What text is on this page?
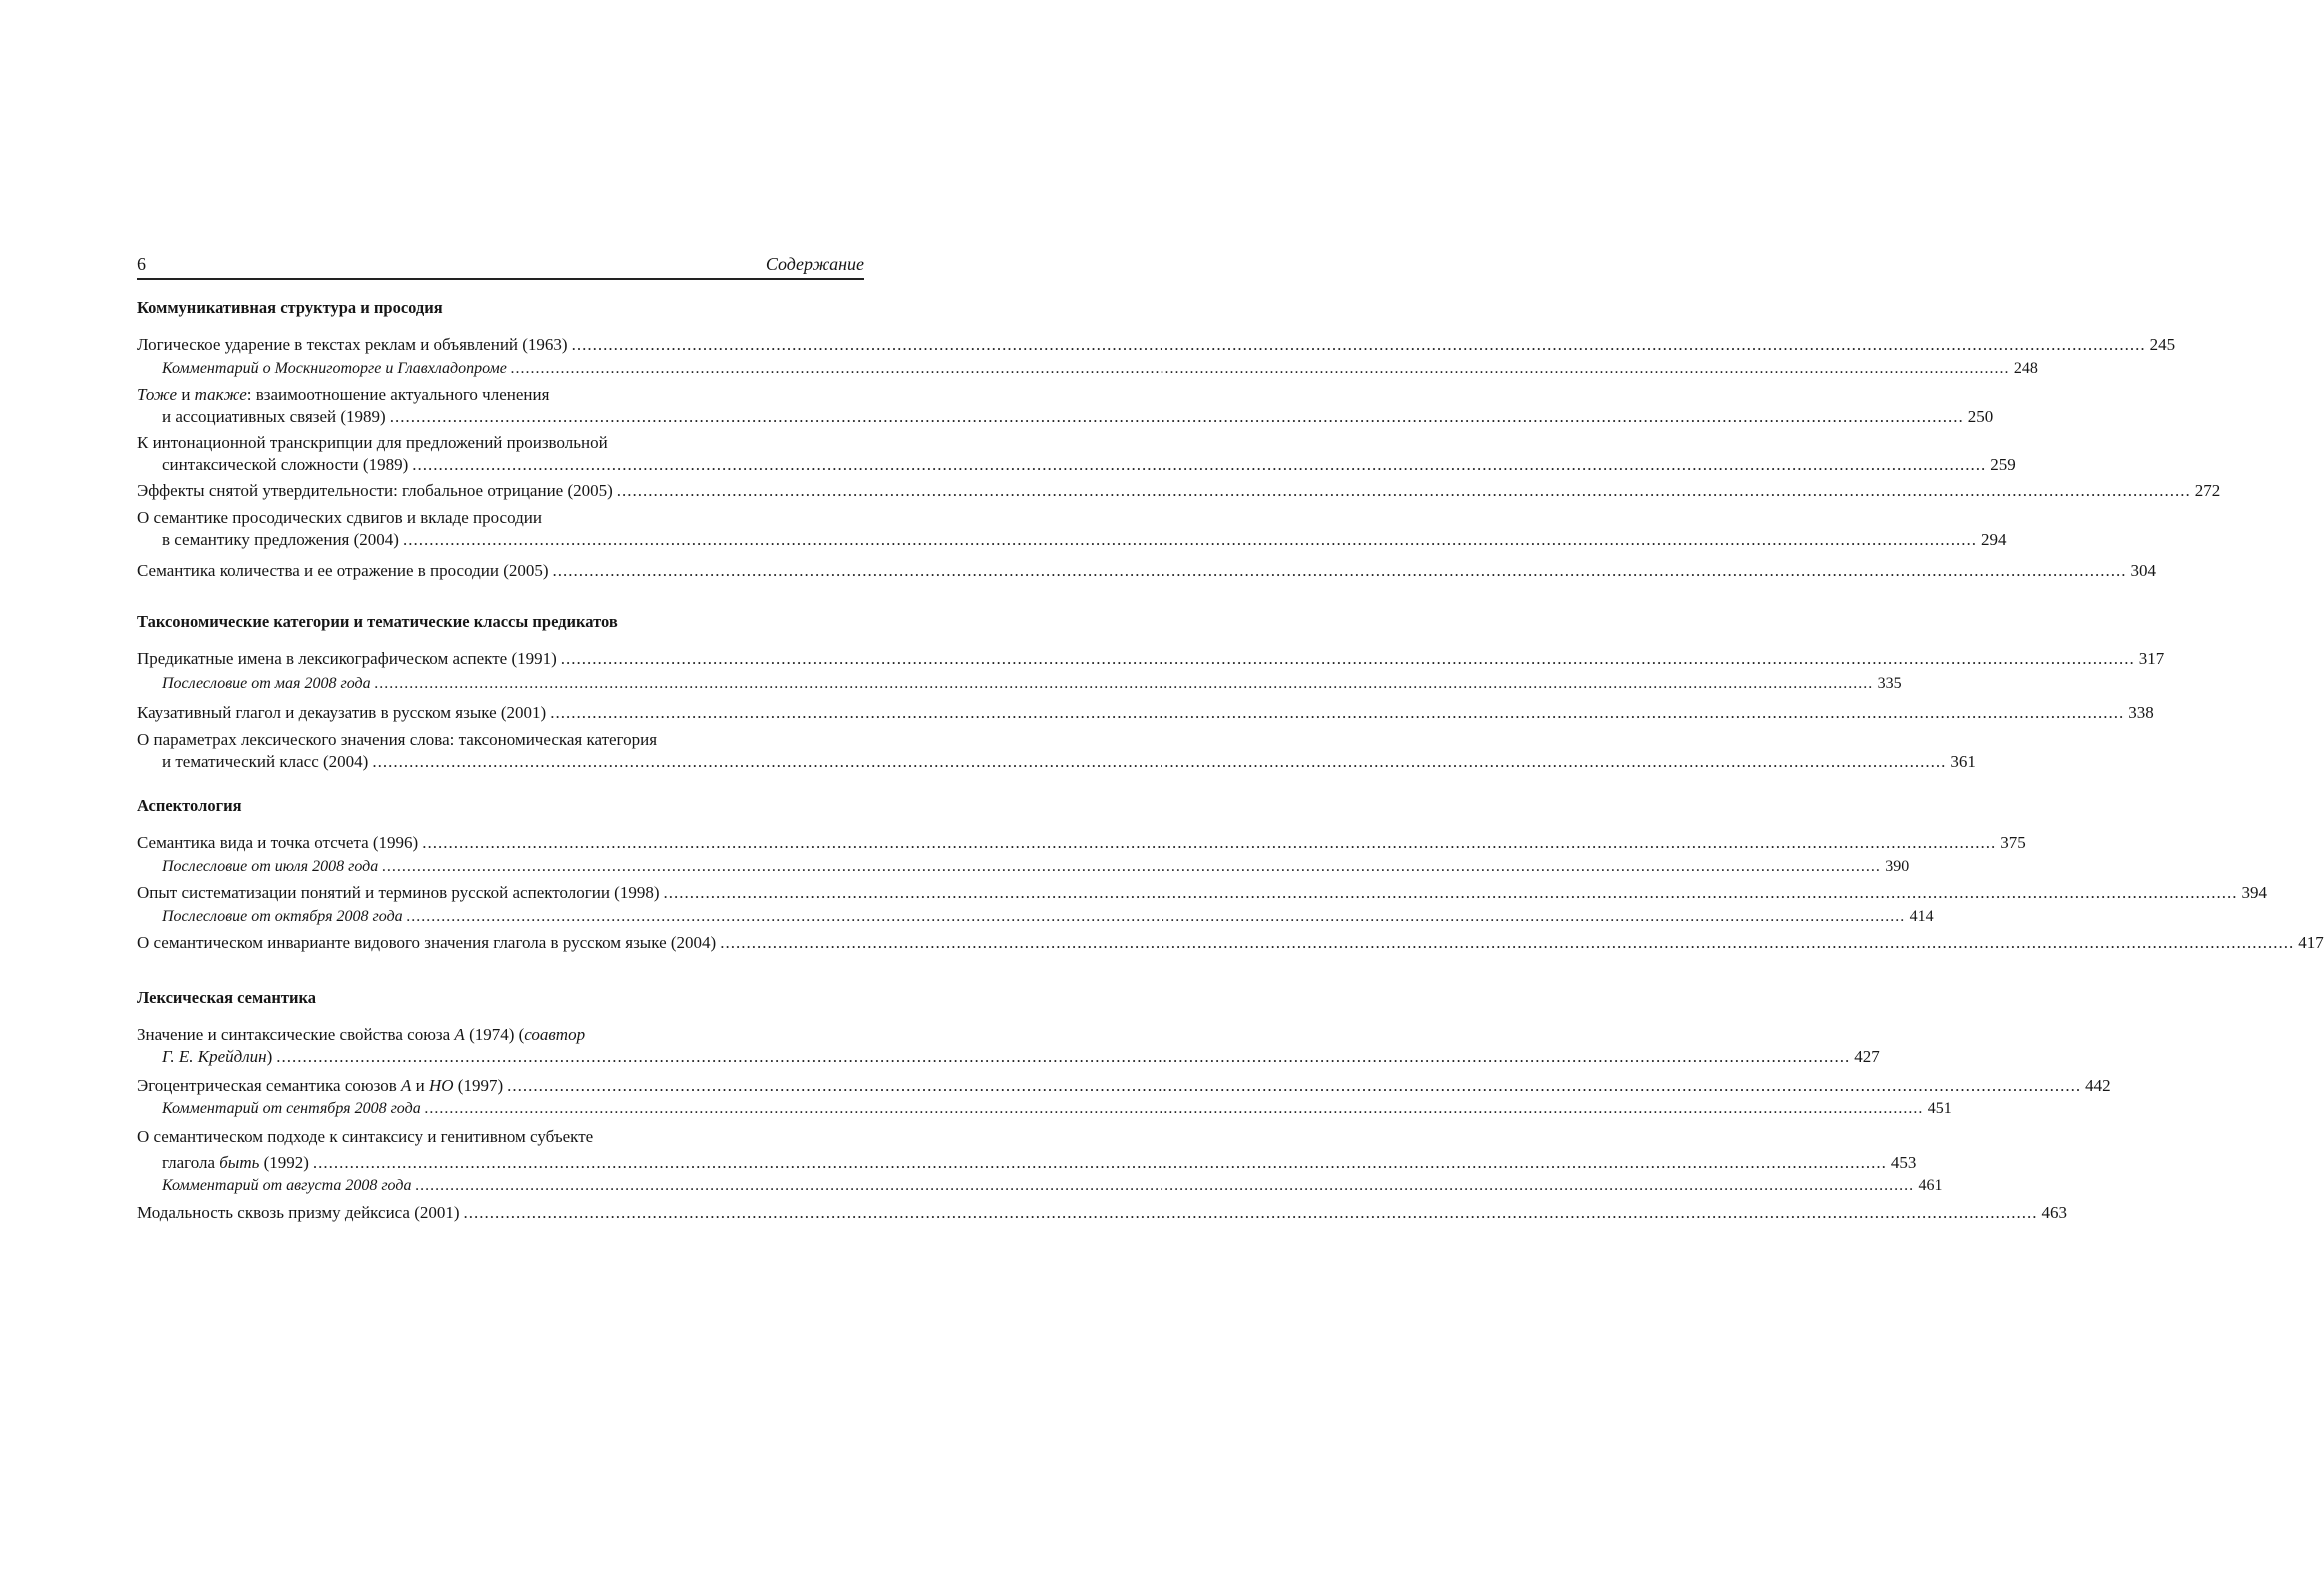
6	Содержание
Коммуникативная структура и просодия
Логическое ударение в текстах реклам и объявлений (1963) ............................................................................................................................................................................................................................................................................................................ 245
Комментарий о Москниготорге и Главхладопроме ............................................................................................................................................................................................................................................................................................................ 248
Тоже и также: взаимоотношение актуального членения
и ассоциативных связей (1989) ............................................................................................................................................................................................................................................................................................................ 250
К интонационной транскрипции для предложений произвольной
синтаксической сложности (1989) ............................................................................................................................................................................................................................................................................................................ 259
Эффекты снятой утвердительности: глобальное отрицание (2005) ............................................................................................................................................................................................................................................................................................................ 272
О семантике просодических сдвигов и вкладе просодии
в семантику предложения (2004) ............................................................................................................................................................................................................................................................................................................ 294
Семантика количества и ее отражение в просодии (2005) ............................................................................................................................................................................................................................................................................................................ 304
Таксономические категории и тематические классы предикатов
Предикатные имена в лексикографическом аспекте (1991) ............................................................................................................................................................................................................................................................................................................ 317
Послесловие от мая 2008 года ............................................................................................................................................................................................................................................................................................................ 335
Каузативный глагол и декаузатив в русском языке (2001) ............................................................................................................................................................................................................................................................................................................ 338
О параметрах лексического значения слова: таксономическая категория
и тематический класс (2004) ............................................................................................................................................................................................................................................................................................................ 361
Аспектология
Семантика вида и точка отсчета (1996) ............................................................................................................................................................................................................................................................................................................ 375
Послесловие от июля 2008 года ............................................................................................................................................................................................................................................................................................................ 390
Опыт систематизации понятий и терминов русской аспектологии (1998) ............................................................................................................................................................................................................................................................................................................ 394
Послесловие от октября 2008 года ............................................................................................................................................................................................................................................................................................................ 414
О семантическом инварианте видового значения глагола в русском языке (2004) ............................................................................................................................................................................................................................................................................................................ 417
Лексическая семантика
Значение и синтаксические свойства союза А (1974) (соавтор
Г. Е. Крейдлин) ............................................................................................................................................................................................................................................................................................................ 427
Эгоцентрическая семантика союзов А и НО (1997) ............................................................................................................................................................................................................................................................................................................ 442
Комментарий от сентября 2008 года ............................................................................................................................................................................................................................................................................................................ 451
О семантическом подходе к синтаксису и генитивном субъекте
глагола быть (1992) ............................................................................................................................................................................................................................................................................................................ 453
Комментарий от августа 2008 года ............................................................................................................................................................................................................................................................................................................ 461
Модальность сквозь призму дейксиса (2001) ............................................................................................................................................................................................................................................................................................................ 463
